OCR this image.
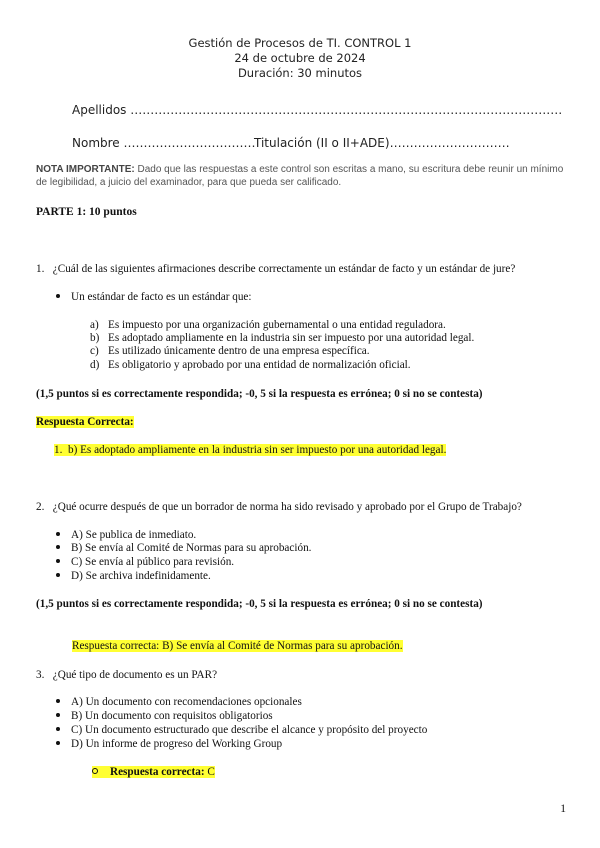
Gestión de Procesos de TI. CONTROL 1
24 de octubre de 2024
Duración: 30 minutos
Apellidos ………………………………………………………………………………………………
Nombre ……………………………
Titulación (II o II+ADE)…………………………
NOTA IMPORTANTE: Dado que las respuestas a este control son escritas a mano, su escritura debe reunir un mínimo de legibilidad, a juicio del examinador, para que pueda ser calificado.
PARTE 1: 10 puntos
1. ¿Cuál de las siguientes afirmaciones describe correctamente un estándar de facto y un estándar de jure?
Un estándar de facto es un estándar que:
a) Es impuesto por una organización gubernamental o una entidad reguladora.
b) Es adoptado ampliamente en la industria sin ser impuesto por una autoridad legal.
c) Es utilizado únicamente dentro de una empresa específica.
d) Es obligatorio y aprobado por una entidad de normalización oficial.
(1,5 puntos si es correctamente respondida; -0, 5 si la respuesta es errónea; 0 si no se contesta)
Respuesta Correcta:
1. b) Es adoptado ampliamente en la industria sin ser impuesto por una autoridad legal.
2. ¿Qué ocurre después de que un borrador de norma ha sido revisado y aprobado por el Grupo de Trabajo?
A) Se publica de inmediato.
B) Se envía al Comité de Normas para su aprobación.
C) Se envía al público para revisión.
D) Se archiva indefinidamente.
(1,5 puntos si es correctamente respondida; -0, 5 si la respuesta es errónea; 0 si no se contesta)
Respuesta correcta: B) Se envía al Comité de Normas para su aprobación.
3. ¿Qué tipo de documento es un PAR?
A) Un documento con recomendaciones opcionales
B) Un documento con requisitos obligatorios
C) Un documento estructurado que describe el alcance y propósito del proyecto
D) Un informe de progreso del Working Group
Respuesta correcta: C
1
